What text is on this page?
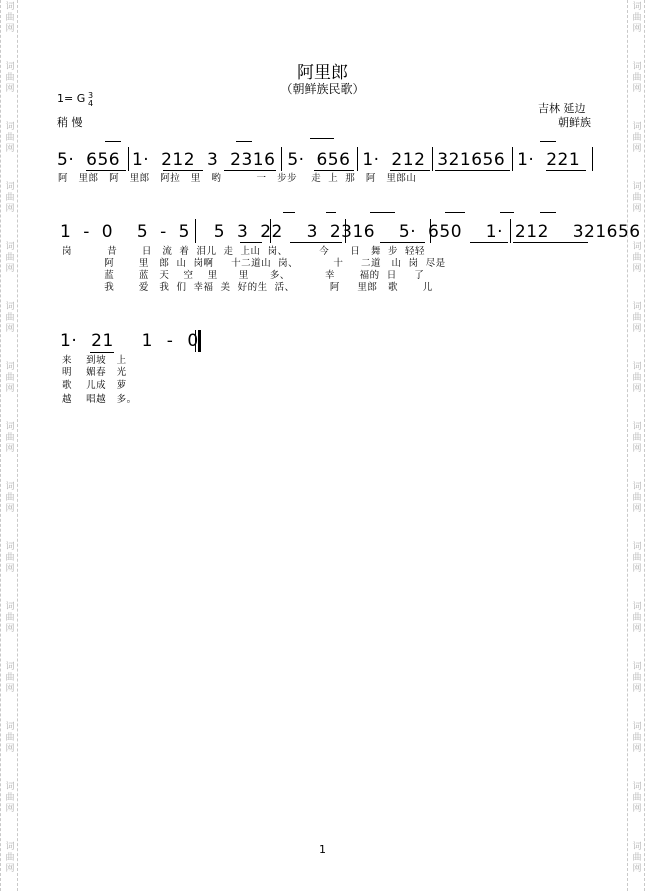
词	词
曲	曲
网	网
词	词
曲	曲
网	网
词	词
曲	曲
网	网
词	词
曲	曲
网	网
词	词
曲	曲
网	网
词	词
曲	曲
网	网
词	词
曲	曲
网	网
词	词
曲	曲
网	网
词	词
曲	曲
网	网
词	词
曲	曲
网	网
词	词
曲	曲
网	网
词	词
曲	曲
网	网
词	词
曲	曲
网	网
词	词
曲	曲
网	网
词	词
曲	曲
网	网
阿里郎
（朝鲜族民歌）
1= G 3
4
稍 慢
吉林 延边
朝鲜族
5· 656 1· 212 3 2316 5· 656 1· 212 321656 1· 221
阿   里郎   阿   里郎   阿拉   里   哟          一   步步    走  上  那   阿   里郎山
1 - 0  5 - 5  5 3 22  3 2316  5· 650  1· 212  321656
岗          昔       日   流  着  泪儿  走  上山  岗、         今      日   舞  步  轻轻
阿       里   郎  山  岗啊     十二道山  岗、          十     二道   山  岗  尽是
蓝       蓝   天    空    里      里      多、          幸       福的  日     了
我       爱   我  们  幸福  美  好的生  活、          阿     里郎   歌       儿
1· 21  1 - 0
来    到坡   上
明    媚春   光
歌    儿成   萝
越    唱越   多。
1
